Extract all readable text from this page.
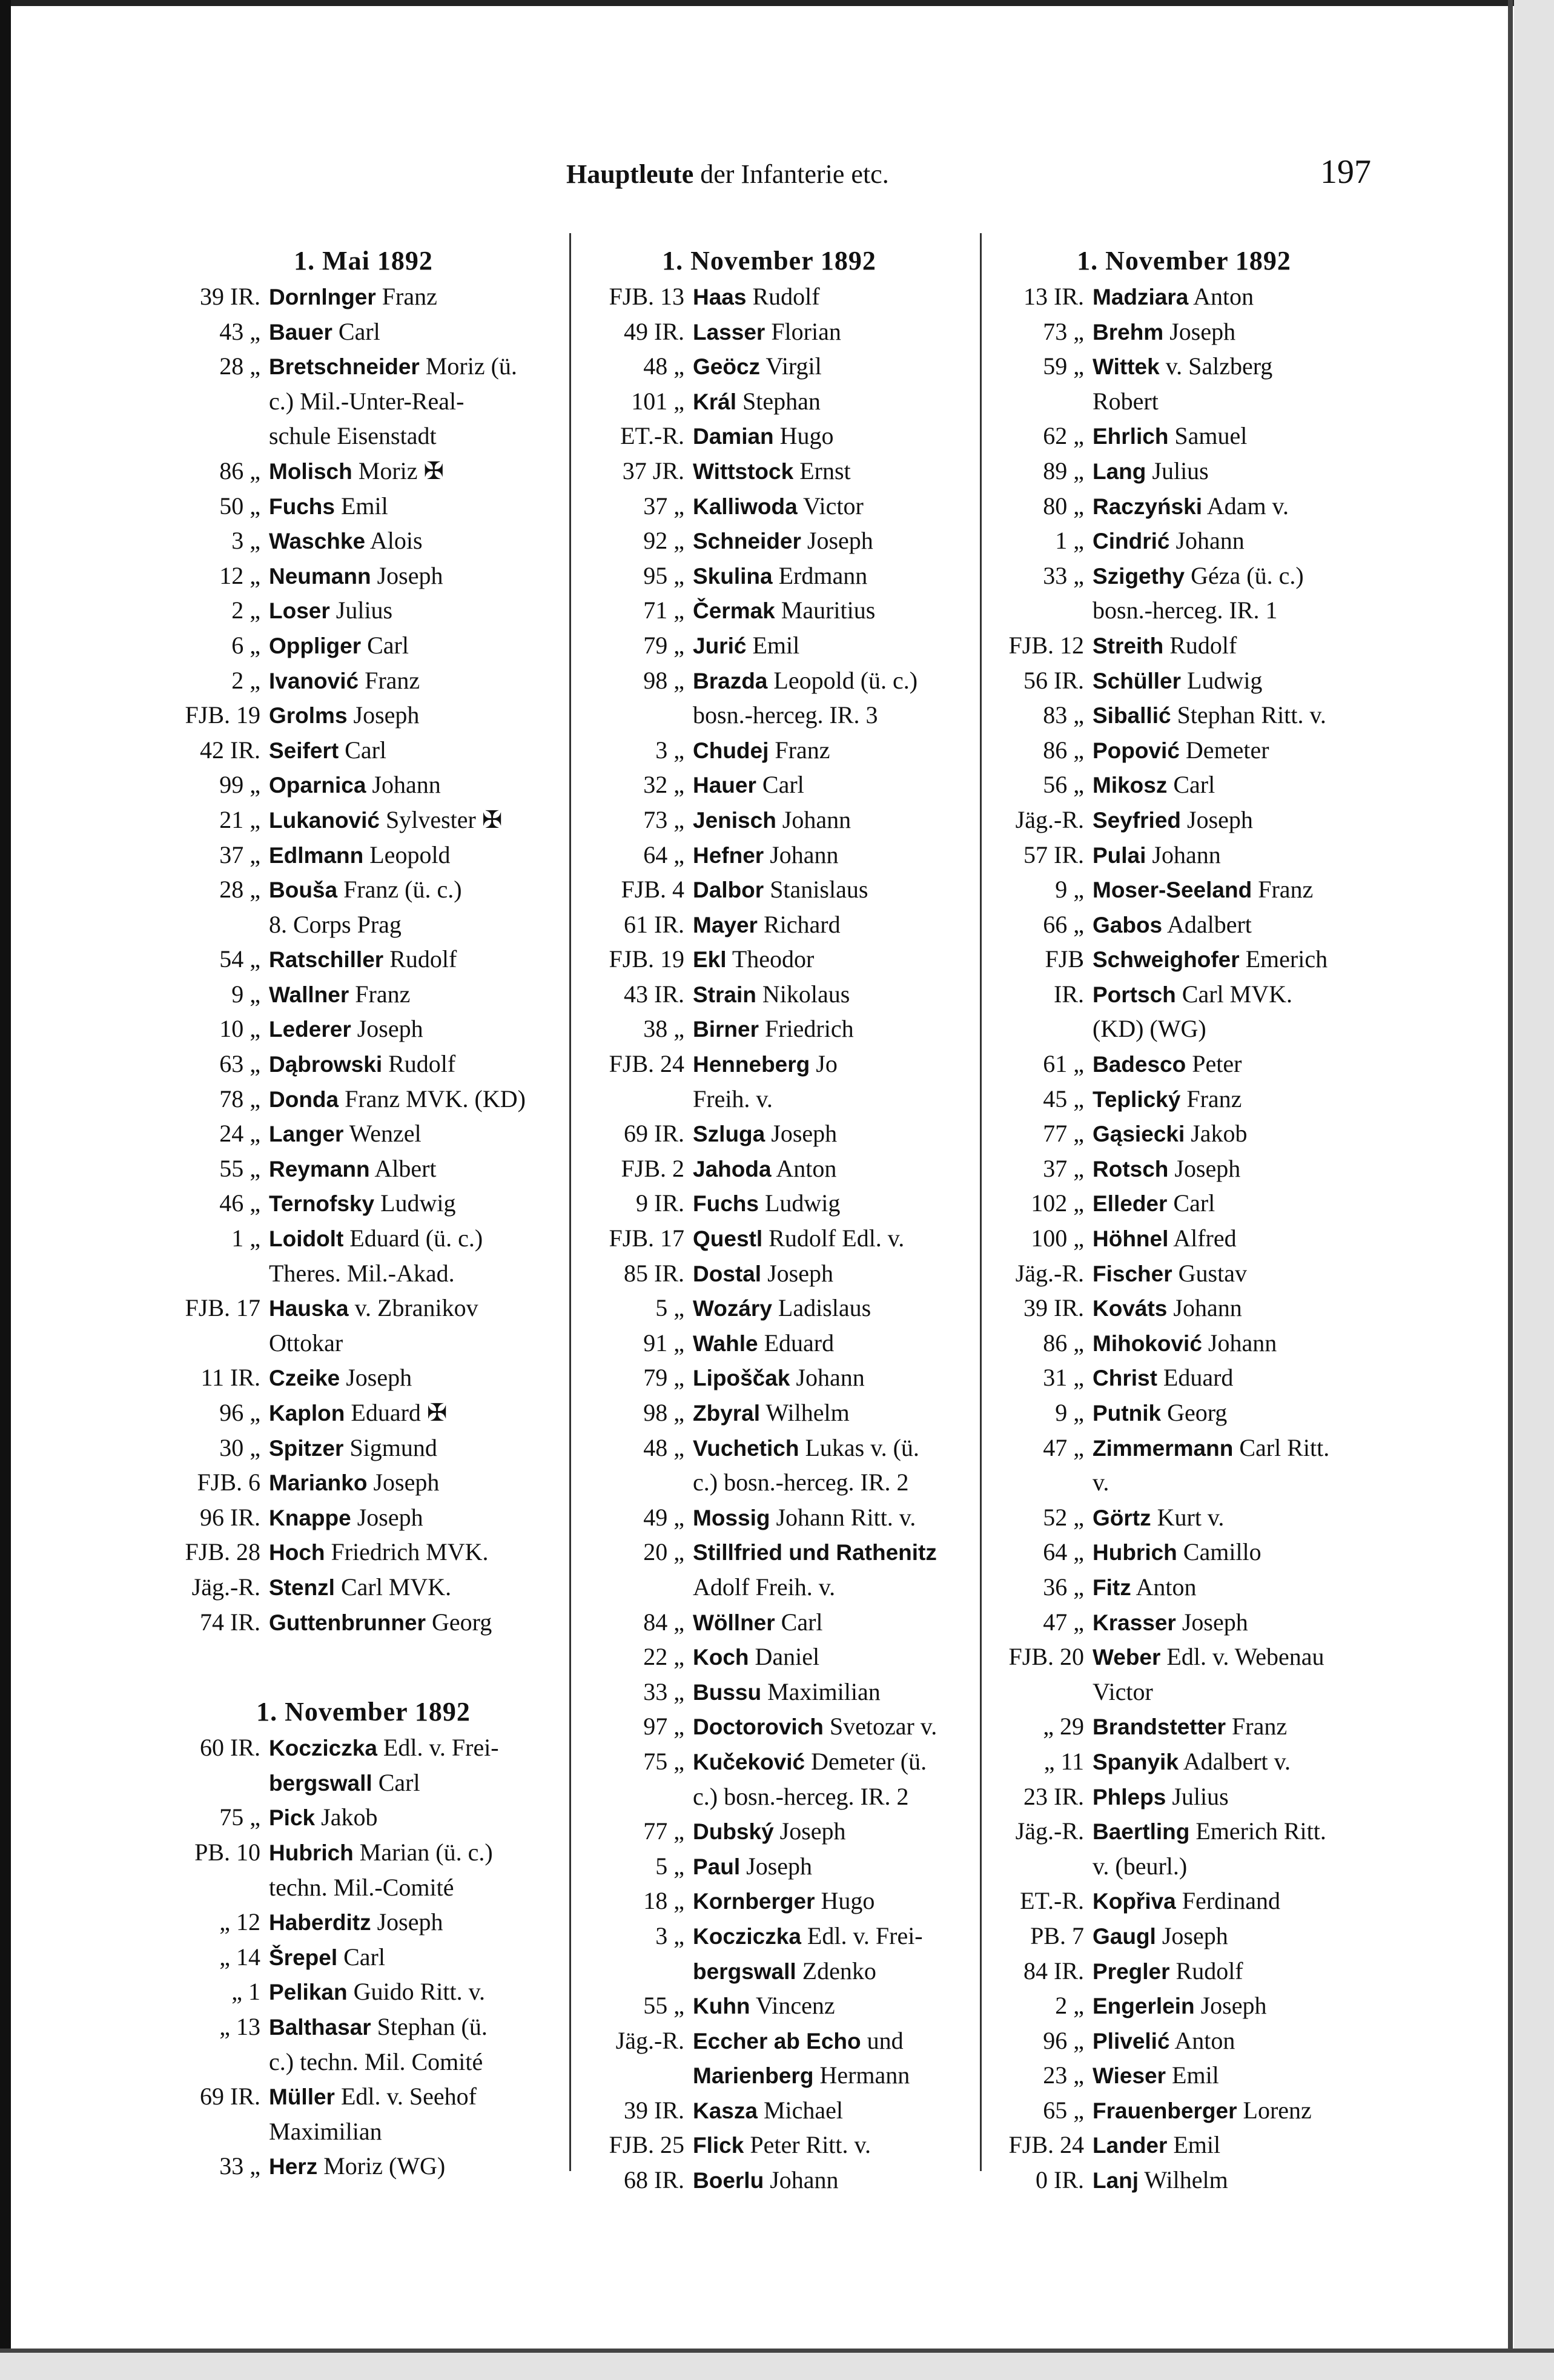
Hauptleute der Infanterie etc.	197
1. Mai 1892
39 IR. Dornlnger Franz
43 „ Bauer Carl
28 „ Bretschneider Moriz (ü.
c.) Mil.-Unter-Real-
schule Eisenstadt
86 „ Molisch Moriz ✠
50 „ Fuchs Emil
3 „ Waschke Alois
12 „ Neumann Joseph
2 „ Loser Julius
6 „ Oppliger Carl
2 „ Ivanović Franz
FJB. 19 Grolms Joseph
42 IR. Seifert Carl
99 „ Oparnica Johann
21 „ Lukanović Sylvester ✠
37 „ Edlmann Leopold
28 „ Bouša Franz (ü. c.)
8. Corps Prag
54 „ Ratschiller Rudolf
9 „ Wallner Franz
10 „ Lederer Joseph
63 „ Dąbrowski Rudolf
78 „ Donda Franz MVK. (KD)
24 „ Langer Wenzel
55 „ Reymann Albert
46 „ Ternofsky Ludwig
1 „ Loidolt Eduard (ü. c.)
Theres. Mil.-Akad.
FJB. 17 Hauska v. Zbranikov
Ottokar
11 IR. Czeike Joseph
96 „ Kaplon Eduard ✠
30 „ Spitzer Sigmund
FJB. 6 Marianko Joseph
96 IR. Knappe Joseph
FJB. 28 Hoch Friedrich MVK.
Jäg.-R. Stenzl Carl MVK.
74 IR. Guttenbrunner Georg
1. November 1892
60 IR. Kocziczka Edl. v. Frei-
bergswall Carl
75 „ Pick Jakob
PB. 10 Hubrich Marian (ü. c.)
techn. Mil.-Comité
„ 12 Haberditz Joseph
„ 14 Šrepel Carl
„ 1 Pelikan Guido Ritt. v.
„ 13 Balthasar Stephan (ü.
c.) techn. Mil. Comité
69 IR. Müller Edl. v. Seehof
Maximilian
33 „ Herz Moriz (WG)
1. November 1892
FJB. 13 Haas Rudolf
49 IR. Lasser Florian
48 „ Geöcz Virgil
101 „ Král Stephan
ET.-R. Damian Hugo
37 JR. Wittstock Ernst
37 „ Kalliwoda Victor
92 „ Schneider Joseph
95 „ Skulina Erdmann
71 „ Čermak Mauritius
79 „ Jurić Emil
98 „ Brazda Leopold (ü. c.)
bosn.-herceg. IR. 3
3 „ Chudej Franz
32 „ Hauer Carl
73 „ Jenisch Johann
64 „ Hefner Johann
FJB. 4 Dalbor Stanislaus
61 IR. Mayer Richard
FJB. 19 Ekl Theodor
43 IR. Strain Nikolaus
38 „ Birner Friedrich
FJB. 24 Henneberg Jo
Freih. v.
69 IR. Szluga Joseph
FJB. 2 Jahoda Anton
9 IR. Fuchs Ludwig
FJB. 17 Questl Rudolf Edl. v.
85 IR. Dostal Joseph
5 „ Wozáry Ladislaus
91 „ Wahle Eduard
79 „ Lipoščak Johann
98 „ Zbyral Wilhelm
48 „ Vuchetich Lukas v. (ü.
c.) bosn.-herceg. IR. 2
49 „ Mossig Johann Ritt. v.
20 „ Stillfried und Rathenitz
Adolf Freih. v.
84 „ Wöllner Carl
22 „ Koch Daniel
33 „ Bussu Maximilian
97 „ Doctorovich Svetozar v.
75 „ Kučeković Demeter (ü.
c.) bosn.-herceg. IR. 2
77 „ Dubský Joseph
5 „ Paul Joseph
18 „ Kornberger Hugo
3 „ Kocziczka Edl. v. Frei-
bergswall Zdenko
55 „ Kuhn Vincenz
Jäg.-R. Eccher ab Echo und
Marienberg Hermann
39 IR. Kasza Michael
FJB. 25 Flick Peter Ritt. v.
68 IR. Boerlu Johann
1. November 1892
13 IR. Madziara Anton
73 „ Brehm Joseph
59 „ Wittek v. Salzberg
Robert
62 „ Ehrlich Samuel
89 „ Lang Julius
80 „ Raczyński Adam v.
1 „ Cindrić Johann
33 „ Szigethy Géza (ü. c.)
bosn.-herceg. IR. 1
FJB. 12 Streith Rudolf
56 IR. Schüller Ludwig
83 „ Siballić Stephan Ritt. v.
86 „ Popović Demeter
56 „ Mikosz Carl
Jäg.-R. Seyfried Joseph
57 IR. Pulai Johann
9 „ Moser-Seeland Franz
66 „ Gabos Adalbert
FJB Schweighofer Emerich
IR. Portsch Carl MVK.
(KD) (WG)
61 „ Badesco Peter
45 „ Teplický Franz
77 „ Gąsiecki Jakob
37 „ Rotsch Joseph
102 „ Elleder Carl
100 „ Höhnel Alfred
Jäg.-R. Fischer Gustav
39 IR. Kováts Johann
86 „ Mihoković Johann
31 „ Christ Eduard
9 „ Putnik Georg
47 „ Zimmermann Carl Ritt.
v.
52 „ Görtz Kurt v.
64 „ Hubrich Camillo
36 „ Fitz Anton
47 „ Krasser Joseph
FJB. 20 Weber Edl. v. Webenau
Victor
„ 29 Brandstetter Franz
„ 11 Spanyik Adalbert v.
23 IR. Phleps Julius
Jäg.-R. Baertling Emerich Ritt.
v. (beurl.)
ET.-R. Kopřiva Ferdinand
PB. 7 Gaugl Joseph
84 IR. Pregler Rudolf
2 „ Engerlein Joseph
96 „ Plivelić Anton
23 „ Wieser Emil
65 „ Frauenberger Lorenz
FJB. 24 Lander Emil
0 IR. Lanj Wilhelm
